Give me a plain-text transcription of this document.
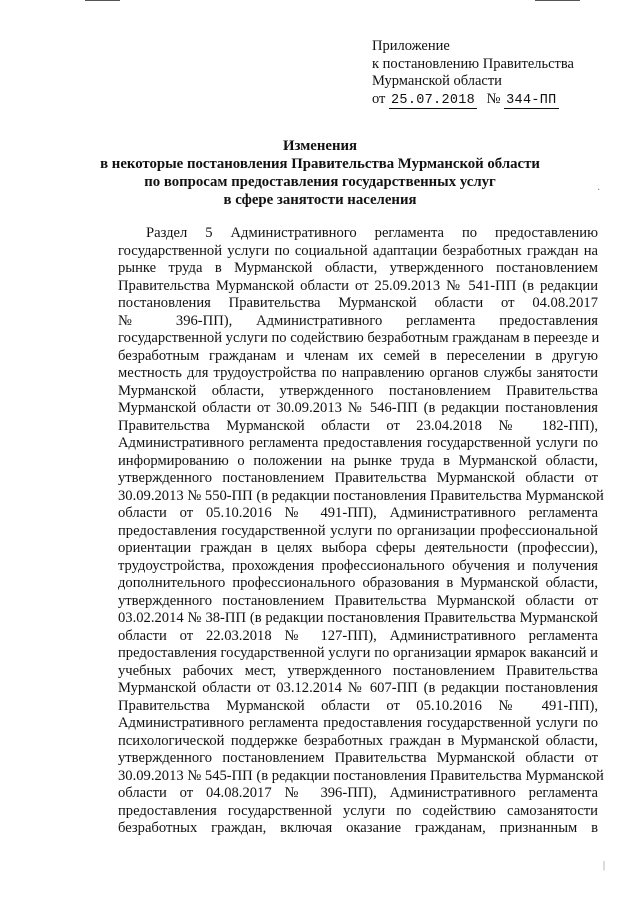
Приложение
к постановлению Правительства
Мурманской области
от 25.07.2018 № 344-ПП
Изменения
в некоторые постановления Правительства Мурманской области
по вопросам предоставления государственных услуг
в сфере занятости населения
Раздел 5 Административного регламента по предоставлению
государственной услуги по социальной адаптации безработных граждан на
рынке труда в Мурманской области, утвержденного постановлением
Правительства Мурманской области от 25.09.2013 № 541-ПП (в редакции
постановления Правительства Мурманской области от 04.08.2017
№ 396-ПП), Административного регламента предоставления
государственной услуги по содействию безработным гражданам в переезде и
безработным гражданам и членам их семей в переселении в другую
местность для трудоустройства по направлению органов службы занятости
Мурманской области, утвержденного постановлением Правительства
Мурманской области от 30.09.2013 № 546-ПП (в редакции постановления
Правительства Мурманской области от 23.04.2018 № 182-ПП),
Административного регламента предоставления государственной услуги по
информированию о положении на рынке труда в Мурманской области,
утвержденного постановлением Правительства Мурманской области от
30.09.2013 № 550-ПП (в редакции постановления Правительства Мурманской
области от 05.10.2016 № 491-ПП), Административного регламента
предоставления государственной услуги по организации профессиональной
ориентации граждан в целях выбора сферы деятельности (профессии),
трудоустройства, прохождения профессионального обучения и получения
дополнительного профессионального образования в Мурманской области,
утвержденного постановлением Правительства Мурманской области от
03.02.2014 № 38-ПП (в редакции постановления Правительства Мурманской
области от 22.03.2018 № 127-ПП), Административного регламента
предоставления государственной услуги по организации ярмарок вакансий и
учебных рабочих мест, утвержденного постановлением Правительства
Мурманской области от 03.12.2014 № 607-ПП (в редакции постановления
Правительства Мурманской области от 05.10.2016 № 491-ПП),
Административного регламента предоставления государственной услуги по
психологической поддержке безработных граждан в Мурманской области,
утвержденного постановлением Правительства Мурманской области от
30.09.2013 № 545-ПП (в редакции постановления Правительства Мурманской
области от 04.08.2017 № 396-ПП), Административного регламента
предоставления государственной услуги по содействию самозанятости
безработных граждан, включая оказание гражданам, признанным в
·
|
